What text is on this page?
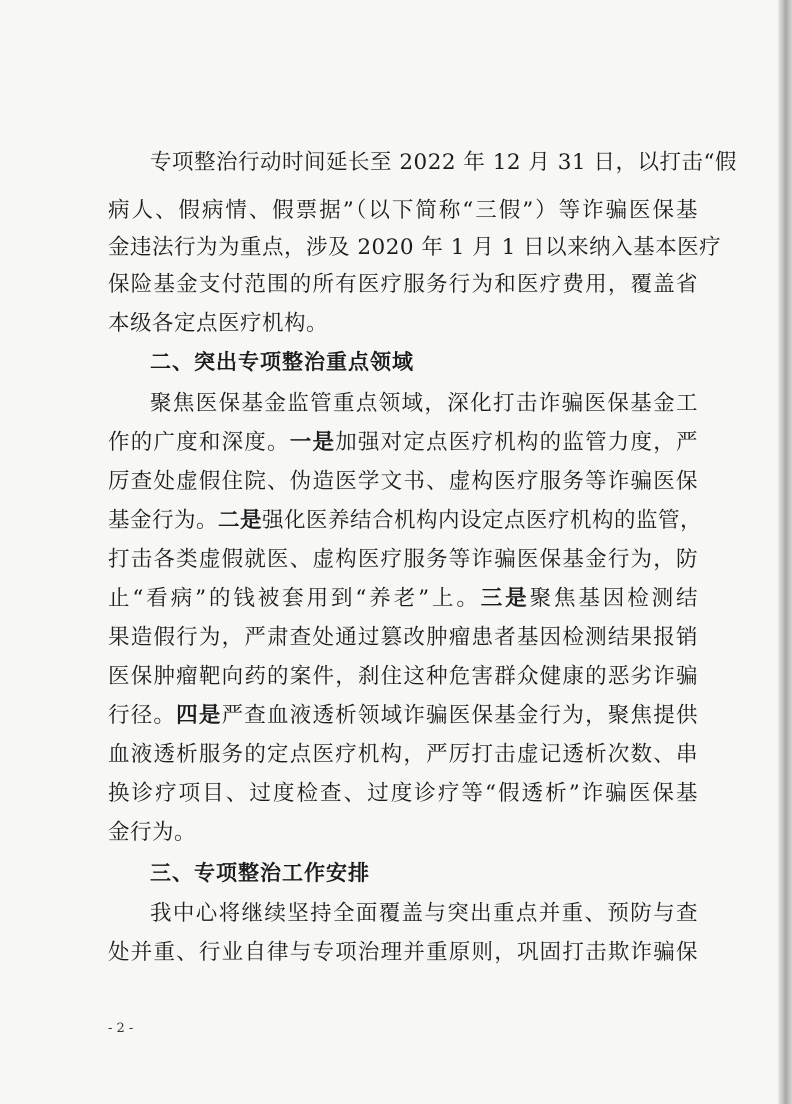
专项整治行动时间延长至 2022 年 12 月 31 日，以打击“假
病人、假病情、假票据”（以下简称“三假”）等诈骗医保基
金违法行为为重点，涉及 2020 年 1 月 1 日以来纳入基本医疗
保险基金支付范围的所有医疗服务行为和医疗费用，覆盖省
本级各定点医疗机构。
二、突出专项整治重点领域
聚焦医保基金监管重点领域，深化打击诈骗医保基金工
作的广度和深度。一是加强对定点医疗机构的监管力度，严
厉查处虚假住院、伪造医学文书、虚构医疗服务等诈骗医保
基金行为。二是强化医养结合机构内设定点医疗机构的监管，
打击各类虚假就医、虚构医疗服务等诈骗医保基金行为，防
止“看病”的钱被套用到“养老”上。三是聚焦基因检测结
果造假行为，严肃查处通过篡改肿瘤患者基因检测结果报销
医保肿瘤靶向药的案件，刹住这种危害群众健康的恶劣诈骗
行径。四是严查血液透析领域诈骗医保基金行为，聚焦提供
血液透析服务的定点医疗机构，严厉打击虚记透析次数、串
换诊疗项目、过度检查、过度诊疗等“假透析”诈骗医保基
金行为。
三、专项整治工作安排
我中心将继续坚持全面覆盖与突出重点并重、预防与查
处并重、行业自律与专项治理并重原则，巩固打击欺诈骗保
- 2 -
